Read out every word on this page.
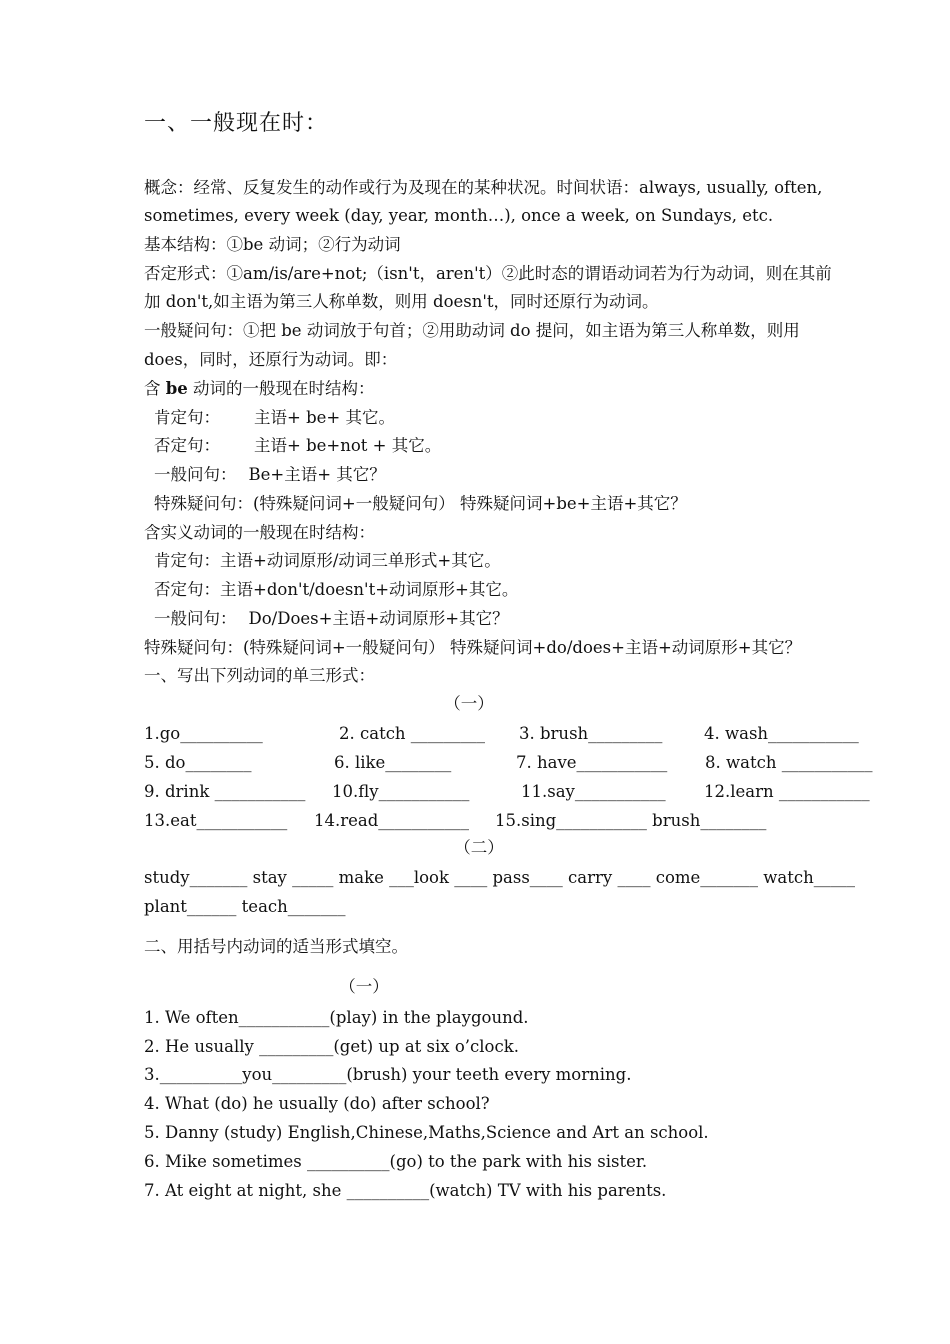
一、一般现在时：
概念：经常、反复发生的动作或行为及现在的某种状况。时间状语：always, usually, often,
sometimes, every week (day, year, month…), once a week, on Sundays, etc.
基本结构：①be 动词；②行为动词
否定形式：①am/is/are+not;（isn't，aren't）②此时态的谓语动词若为行为动词，则在其前
加 don't,如主语为第三人称单数，则用 doesn't，同时还原行为动词。
一般疑问句：①把 be 动词放于句首；②用助动词 do 提问，如主语为第三人称单数，则用
does，同时，还原行为动词。即：
含 be 动词的一般现在时结构：
肯定句： 主语+ be+ 其它。
否定句： 主语+ be+not + 其它。
一般问句： Be+主语+ 其它？
特殊疑问句：(特殊疑问词+一般疑问句） 特殊疑问词+be+主语+其它？
含实义动词的一般现在时结构：
肯定句：主语+动词原形/动词三单形式+其它。
否定句：主语+don't/doesn't+动词原形+其它。
一般问句： Do/Does+主语+动词原形+其它？
特殊疑问句：(特殊疑问词+一般疑问句） 特殊疑问词+do/does+主语+动词原形+其它？
一、写出下列动词的单三形式：
（一）
1.go__________	2. catch _________ 3. brush_________	4. wash___________
5. do________	6. like________	7. have___________ 8. watch ___________
9. drink ___________ 10.fly___________	11.say___________ 12.learn ___________
13.eat___________ 14.read___________ 15.sing___________ brush________
（二）
study_______ stay _____ make ___look ____ pass____ carry ____ come_______ watch_____
plant______ teach_______
二、用括号内动词的适当形式填空。
（一）
1. We often___________(play) in the playgound.
2. He usually _________(get) up at six o’clock.
3.__________you_________(brush) your teeth every morning.
4. What (do) he usually (do) after school?
5. Danny (study) English,Chinese,Maths,Science and Art an school.
6. Mike sometimes __________(go) to the park with his sister.
7. At eight at night, she __________(watch) TV with his parents.
